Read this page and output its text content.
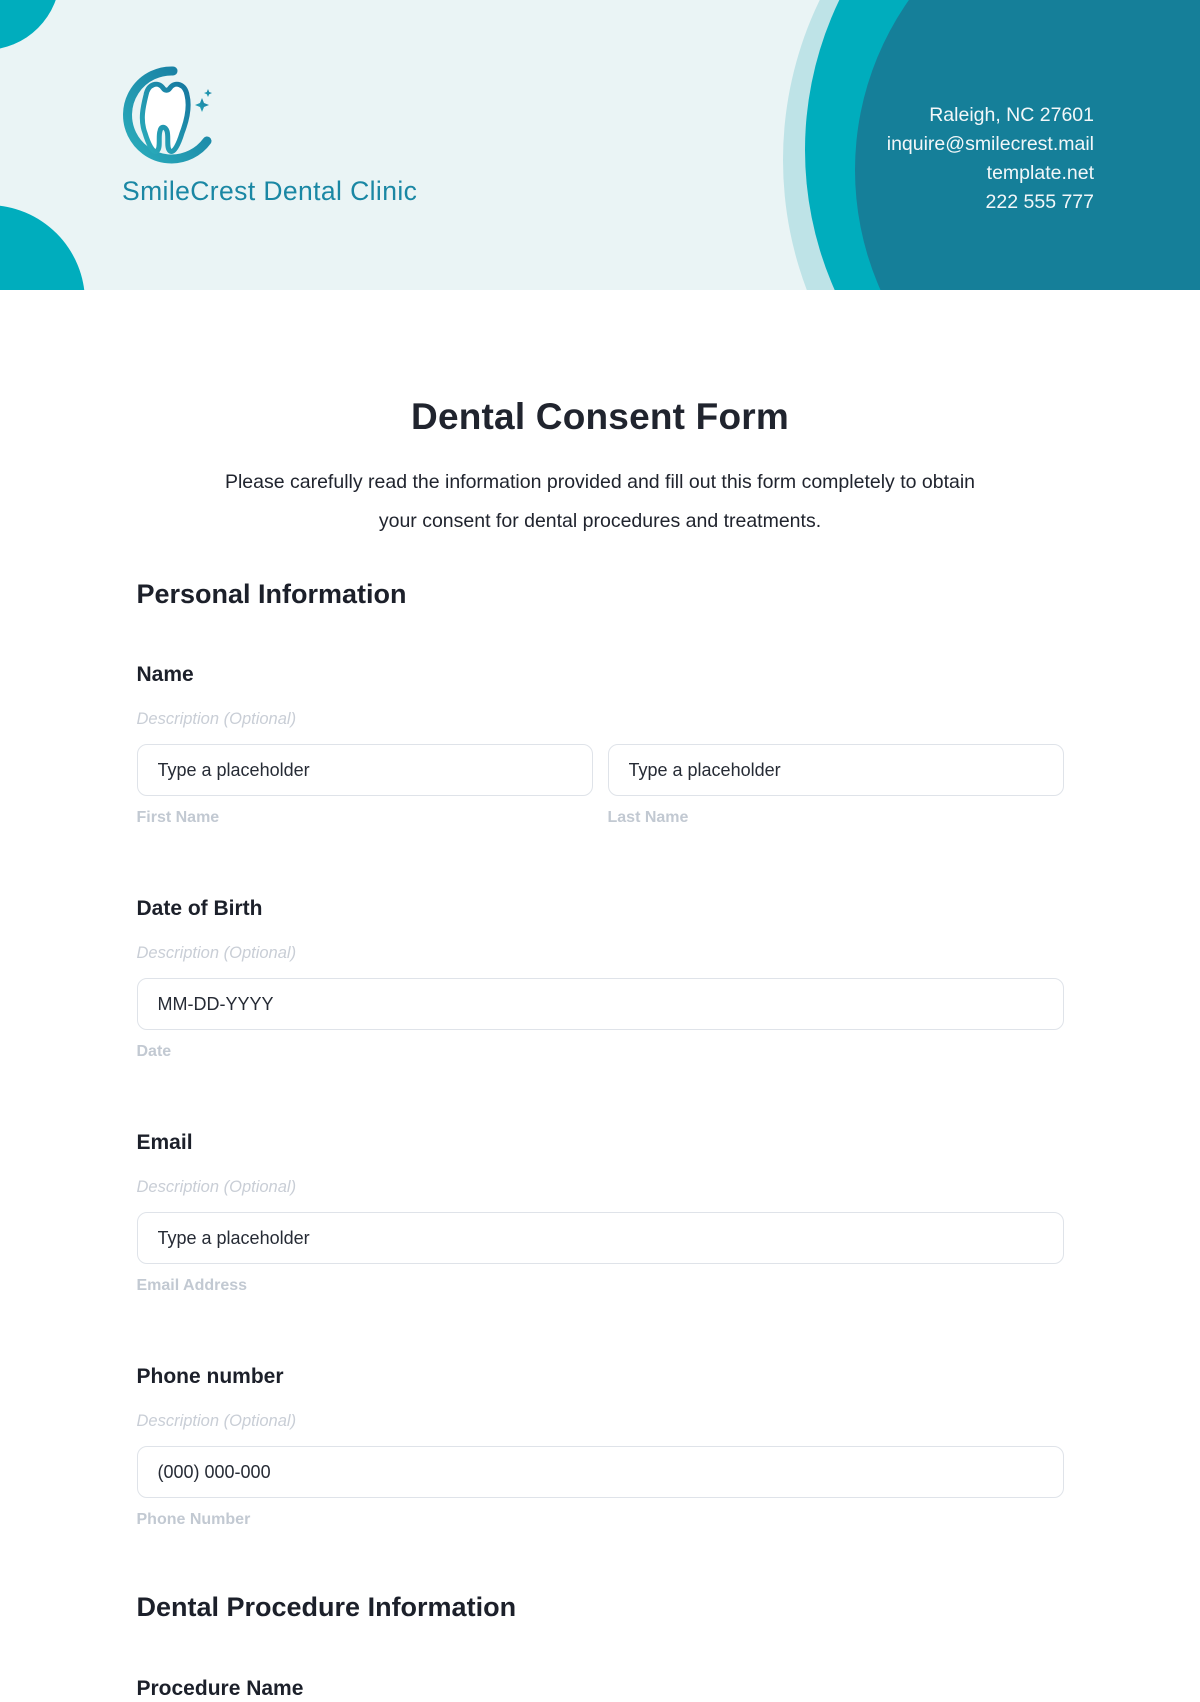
SmileCrest Dental Clinic
Raleigh, NC 27601
inquire@smilecrest.mail
template.net
222 555 777
Dental Consent Form
Please carefully read the information provided and fill out this form completely to obtain
your consent for dental procedures and treatments.
Personal Information
Name
Description (Optional)
Type a placeholder
Type a placeholder
First Name	Last Name
Date of Birth
Description (Optional)
MM-DD-YYYY
Date
Email
Description (Optional)
Type a placeholder
Email Address
Phone number
Description (Optional)
(000) 000-000
Phone Number
Dental Procedure Information
Procedure Name
